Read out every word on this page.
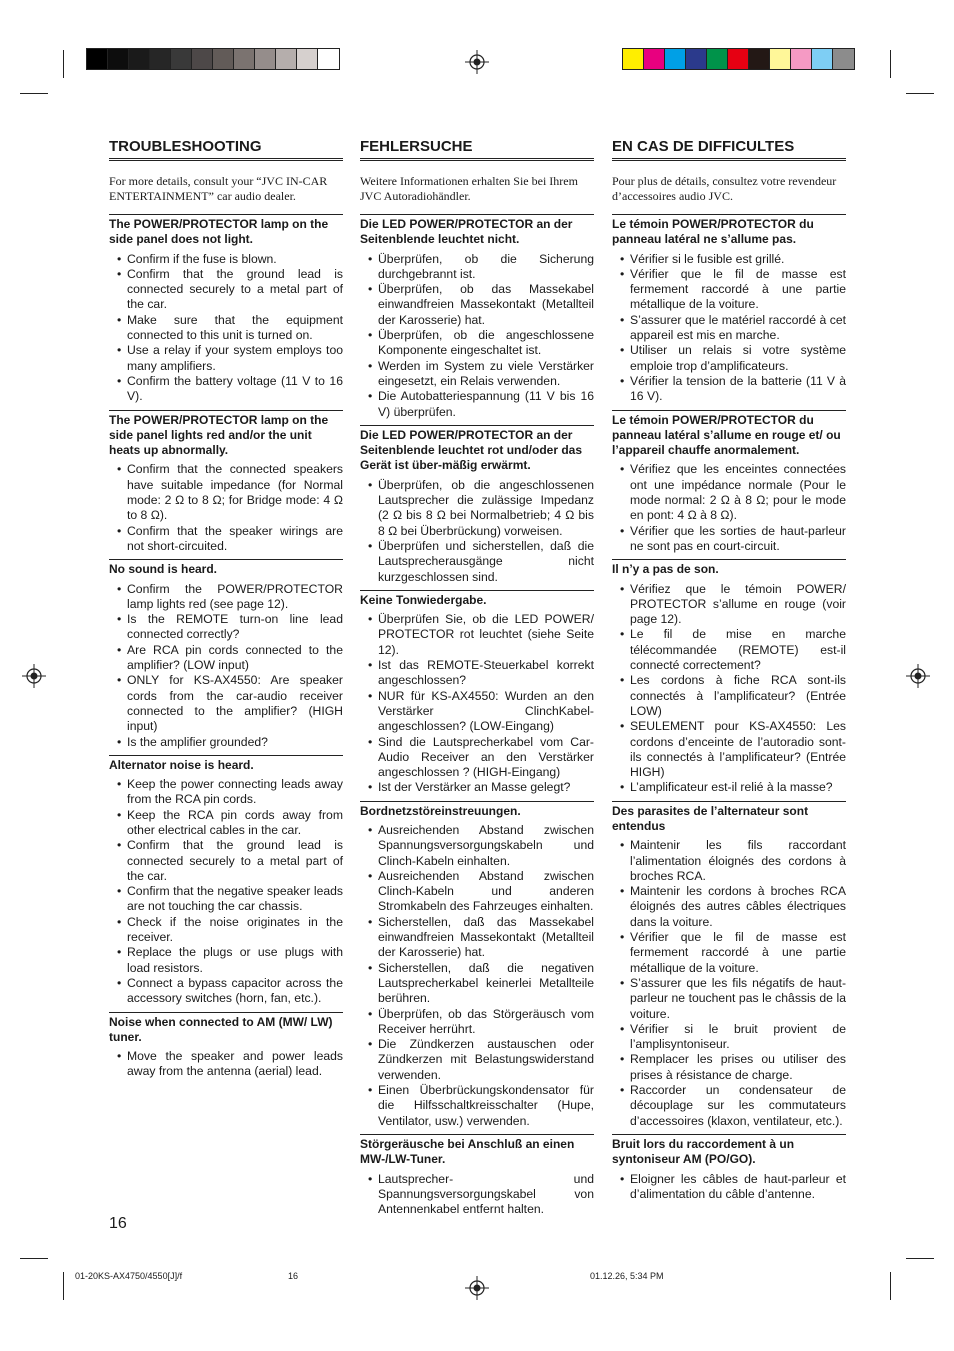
TROUBLESHOOTING

For more details, consult your “JVC IN-CAR ENTERTAINMENT” car audio dealer.

The POWER/PROTECTOR lamp on the side panel does not light.
• Confirm if the fuse is blown.
• Confirm that the ground lead is connected securely to a metal part of the car.
• Make sure that the equipment connected to this unit is turned on.
• Use a relay if your system employs too many amplifiers.
• Confirm the battery voltage (11 V to 16 V).
The POWER/PROTECTOR lamp on the side panel lights red and/or the unit heats up abnormally.
• Confirm that the connected speakers have suitable impedance (for Normal mode: 2 Ω to 8 Ω; for Bridge mode: 4 Ω to 8 Ω).
• Confirm that the speaker wirings are not short-circuited.
No sound is heard.
• Confirm the POWER/PROTECTOR lamp lights red (see page 12).
• Is the REMOTE turn-on line lead connected correctly?
• Are RCA pin cords connected to the amplifier? (LOW input)
• ONLY for KS-AX4550: Are speaker cords from the car-audio receiver connected to the amplifier? (HIGH input)
• Is the amplifier grounded?
Alternator noise is heard.
• Keep the power connecting leads away from the RCA pin cords.
• Keep the RCA pin cords away from other electrical cables in the car.
• Confirm that the ground lead is connected securely to a metal part of the car.
• Confirm that the negative speaker leads are not touching the car chassis.
• Check if the noise originates in the receiver.
• Replace the plugs or use plugs with load resistors.
• Connect a bypass capacitor across the accessory switches (horn, fan, etc.).
Noise when connected to AM (MW/ LW) tuner.
• Move the speaker and power leads away from the antenna (aerial) lead.
FEHLERSUCHE

Weitere Informationen erhalten Sie bei Ihrem JVC Autoradiohändler.

Die LED POWER/PROTECTOR an der Seitenblende leuchtet nicht.
• Überprüfen, ob die Sicherung durchgebrannt ist.
• Überprüfen, ob das Massekabel einwandfreien Massekontakt (Metallteil der Karosserie) hat.
• Überprüfen, ob die angeschlossene Komponente eingeschaltet ist.
• Werden im System zu viele Verstärker eingesetzt, ein Relais verwenden.
• Die Autobatteriespannung (11 V bis 16 V) überprüfen.
Die LED POWER/PROTECTOR an der Seitenblende leuchtet rot und/oder das Gerät ist über-mäßig erwärmt.
• Überprüfen, ob die angeschlossenen Lautsprecher die zulässige Impedanz (2 Ω bis 8 Ω bei Normalbetrieb; 4 Ω bis 8 Ω bei Überbrückung) vorweisen.
• Überprüfen und sicherstellen, daß die Lautsprecherausgänge nicht kurzgeschlossen sind.
Keine Tonwiedergabe.
• Überprüfen Sie, ob die LED POWER/ PROTECTOR rot leuchtet (siehe Seite 12).
• Ist das REMOTE-Steuerkabel korrekt angeschlossen?
• NUR für KS-AX4550: Wurden an den Verstärker ClinchKabel-angeschlossen? (LOW-Eingang)
• Sind die Lautsprecherkabel vom Car-Audio Receiver an den Verstärker angeschlossen ? (HIGH-Eingang)
• Ist der Verstärker an Masse gelegt?
Bordnetzstöreinstreuungen.
• Ausreichenden Abstand zwischen Spannungsversorgungskabeln und Clinch-Kabeln einhalten.
• Ausreichenden Abstand zwischen Clinch-Kabeln und anderen Stromkabeln des Fahrzeuges einhalten.
• Sicherstellen, daß das Massekabel einwandfreien Massekontakt (Metallteil der Karosserie) hat.
• Sicherstellen, daß die negativen Lautsprecherkabel keinerlei Metallteile berühren.
• Überprüfen, ob das Störgeräusch vom Receiver herrührt.
• Die Zündkerzen austauschen oder Zündkerzen mit Belastungswiderstand verwenden.
• Einen Überbrückungskondensator für die Hilfsschaltkreisschalter (Hupe, Ventilator, usw.) verwenden.
Störgeräusche bei Anschluß an einen MW-/LW-Tuner.
• Lautsprecher- und Spannungsversorgungskabel von Antennenkabel entfernt halten.
EN CAS DE DIFFICULTES

Pour plus de détails, consultez votre revendeur d’accessoires audio JVC.

Le témoin POWER/PROTECTOR du panneau latéral ne s’allume pas.
• Vérifier si le fusible est grillé.
• Vérifier que le fil de masse est fermement raccordé à une partie métallique de la voiture.
• S’assurer que le matériel raccordé à cet appareil est mis en marche.
• Utiliser un relais si votre système emploie trop d’amplificateurs.
• Vérifier la tension de la batterie (11 V à 16 V).
Le témoin POWER/PROTECTOR du panneau latéral s’allume en rouge et/ ou l’appareil chauffe anormalement.
• Vérifiez que les enceintes connectées ont une impédance normale (Pour le mode normal: 2 Ω à 8 Ω; pour le mode en pont: 4 Ω à 8 Ω).
• Vérifier que les sorties de haut-parleur ne sont pas en court-circuit.
Il n’y a pas de son.
• Vérifiez que le témoin POWER/ PROTECTOR s’allume en rouge (voir page 12).
• Le fil de mise en marche télécommandée (REMOTE) est-il connecté correctement?
• Les cordons à fiche RCA sont-ils connectés à l’amplificateur? (Entrée LOW)
• SEULEMENT pour KS-AX4550: Les cordons d’enceinte de l’autoradio sont-ils connectés à l’amplificateur? (Entrée HIGH)
• L’amplificateur est-il relié à la masse?
Des parasites de l’alternateur sont entendus
• Maintenir les fils raccordant l’alimentation éloignés des cordons à broches RCA.
• Maintenir les cordons à broches RCA éloignés des autres câbles électriques dans la voiture.
• Vérifier que le fil de masse est fermement raccordé à une partie métallique de la voiture.
• S’assurer que les fils négatifs de haut-parleur ne touchent pas le châssis de la voiture.
• Vérifier si le bruit provient de l’amplisyntoniseur.
• Remplacer les prises ou utiliser des prises à résistance de charge.
• Raccorder un condensateur de découplage sur les commutateurs d’accessoires (klaxon, ventilateur, etc.).
Bruit lors du raccordement à un syntoniseur AM (PO/GO).
• Eloigner les câbles de haut-parleur et d’alimentation du câble d’antenne.
16
01-20KS-AX4750/4550[J]/f	16	01.12.26, 5:34 PM
